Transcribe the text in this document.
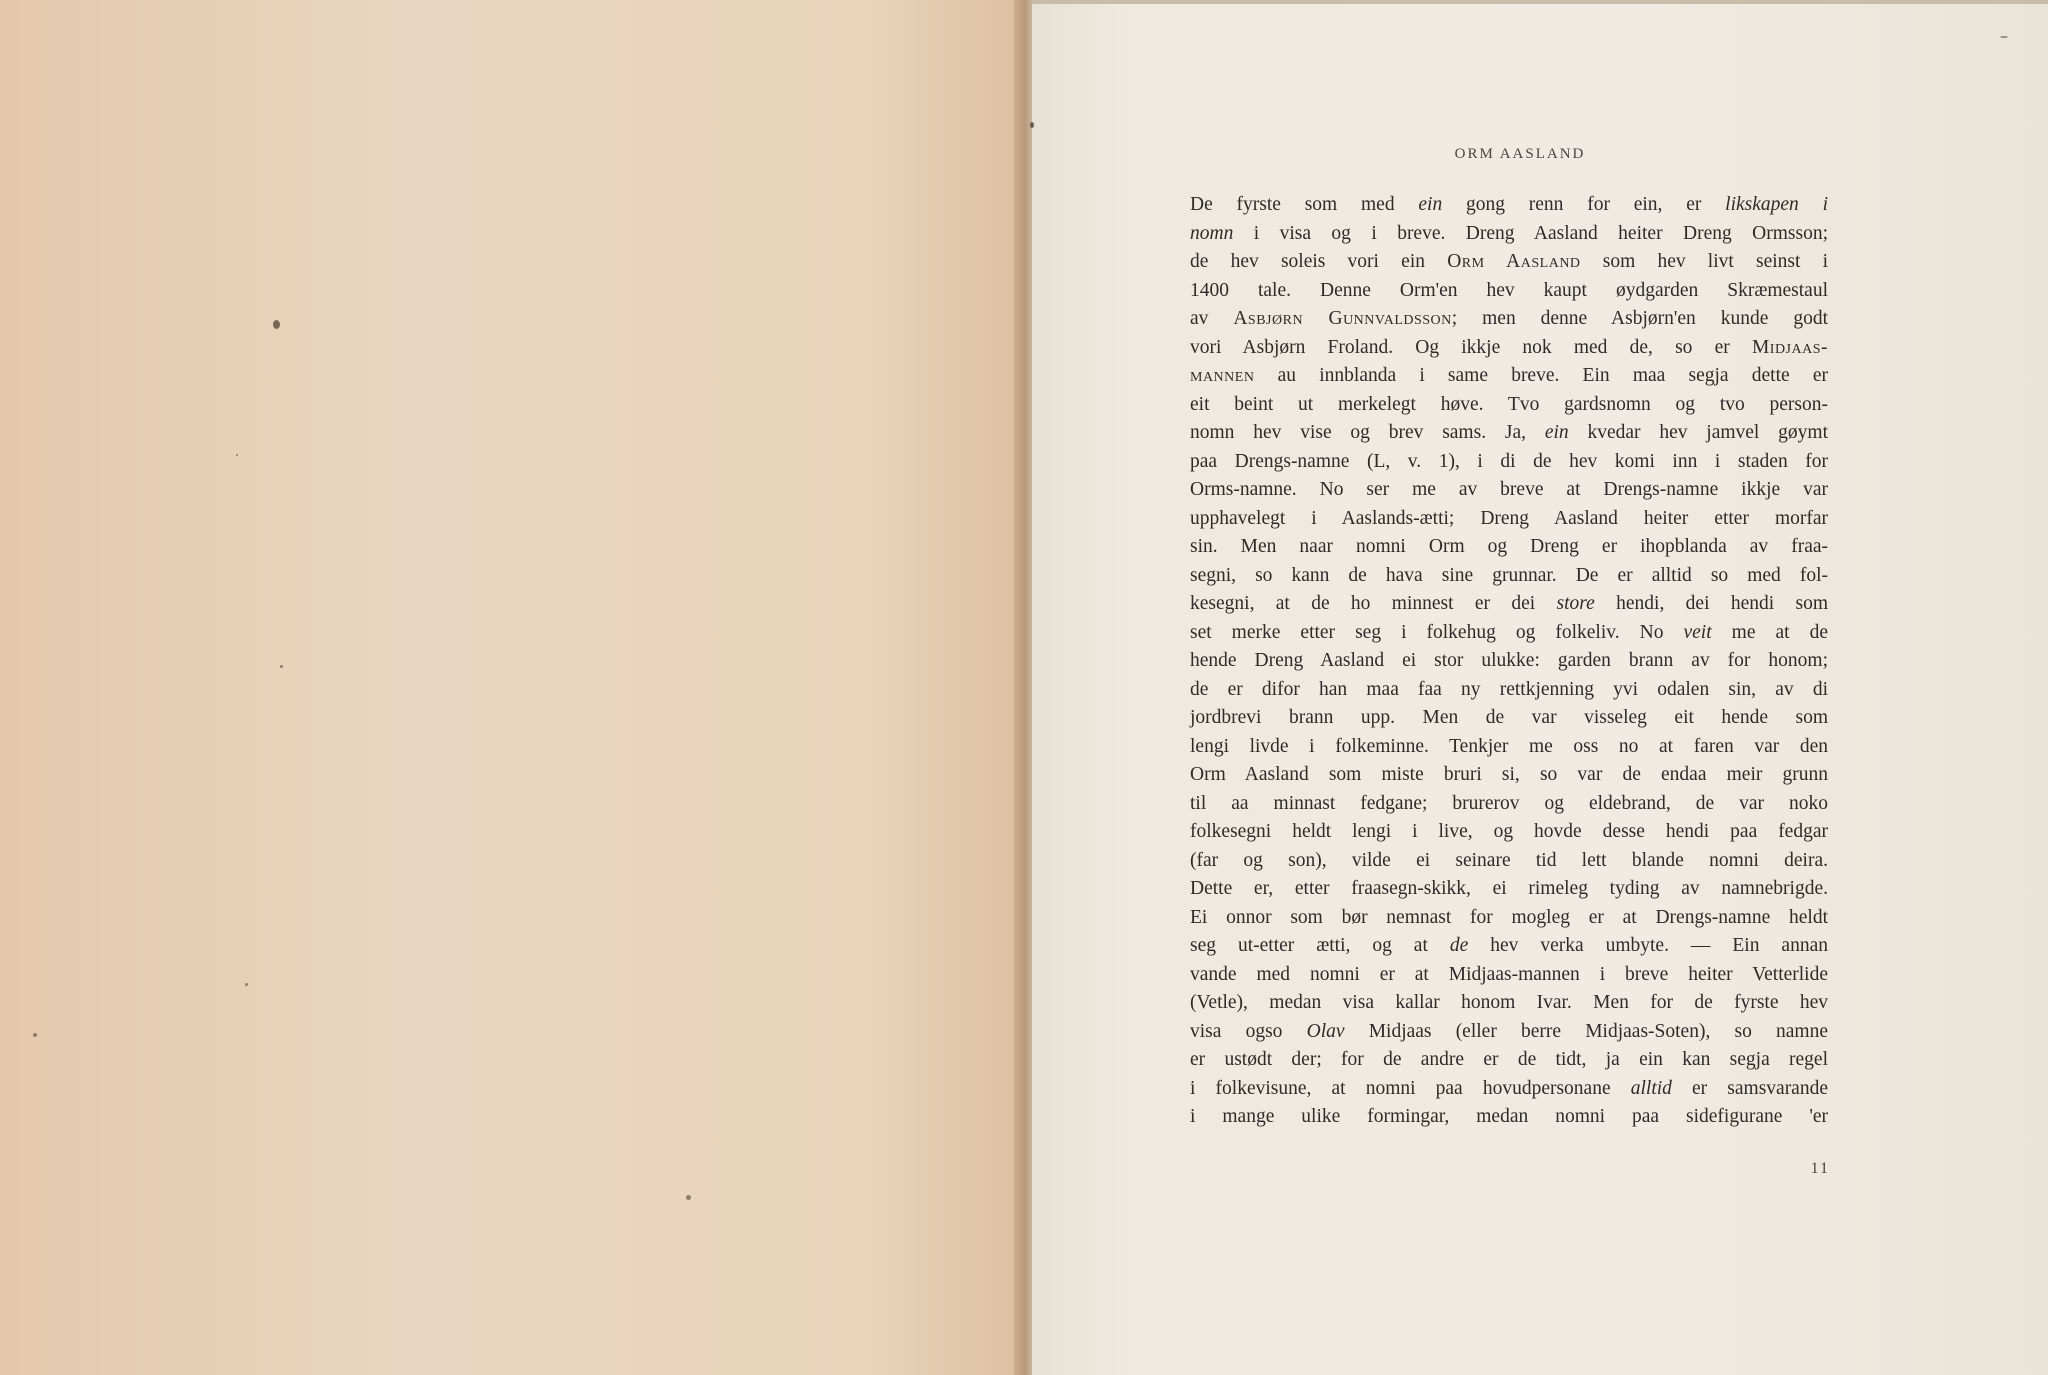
ORM AASLAND
De fyrste som med ein gong renn for ein, er likskapen i
nomn i visa og i breve. Dreng Aasland heiter Dreng Ormsson;
de hev soleis vori ein Orm Aasland som hev livt seinst i
1400 tale. Denne Orm'en hev kaupt øydgarden Skræmestaul
av Asbjørn Gunnvaldsson; men denne Asbjørn'en kunde godt
vori Asbjørn Froland. Og ikkje nok med de, so er Midjaas-
mannen au innblanda i same breve. Ein maa segja dette er
eit beint ut merkelegt høve. Tvo gardsnomn og tvo person-
nomn hev vise og brev sams. Ja, ein kvedar hev jamvel gøymt
paa Drengs-namne (L, v. 1), i di de hev komi inn i staden for
Orms-namne. No ser me av breve at Drengs-namne ikkje var
upphavelegt i Aaslands-ætti; Dreng Aasland heiter etter morfar
sin. Men naar nomni Orm og Dreng er ihopblanda av fraa-
segni, so kann de hava sine grunnar. De er alltid so med fol-
kesegni, at de ho minnest er dei store hendi, dei hendi som
set merke etter seg i folkehug og folkeliv. No veit me at de
hende Dreng Aasland ei stor ulukke: garden brann av for honom;
de er difor han maa faa ny rettkjenning yvi odalen sin, av di
jordbrevi brann upp. Men de var visseleg eit hende som
lengi livde i folkeminne. Tenkjer me oss no at faren var den
Orm Aasland som miste bruri si, so var de endaa meir grunn
til aa minnast fedgane; brurerov og eldebrand, de var noko
folkesegni heldt lengi i live, og hovde desse hendi paa fedgar
(far og son), vilde ei seinare tid lett blande nomni deira.
Dette er, etter fraasegn-skikk, ei rimeleg tyding av namnebrigde.
Ei onnor som bør nemnast for mogleg er at Drengs-namne heldt
seg ut-etter ætti, og at de hev verka umbyte. — Ein annan
vande med nomni er at Midjaas-mannen i breve heiter Vetterlide
(Vetle), medan visa kallar honom Ivar. Men for de fyrste hev
visa ogso Olav Midjaas (eller berre Midjaas-Soten), so namne
er ustødt der; for de andre er de tidt, ja ein kan segja regel
i folkevisune, at nomni paa hovudpersonane alltid er samsvarande
i mange ulike formingar, medan nomni paa sidefigurane 'er
11
